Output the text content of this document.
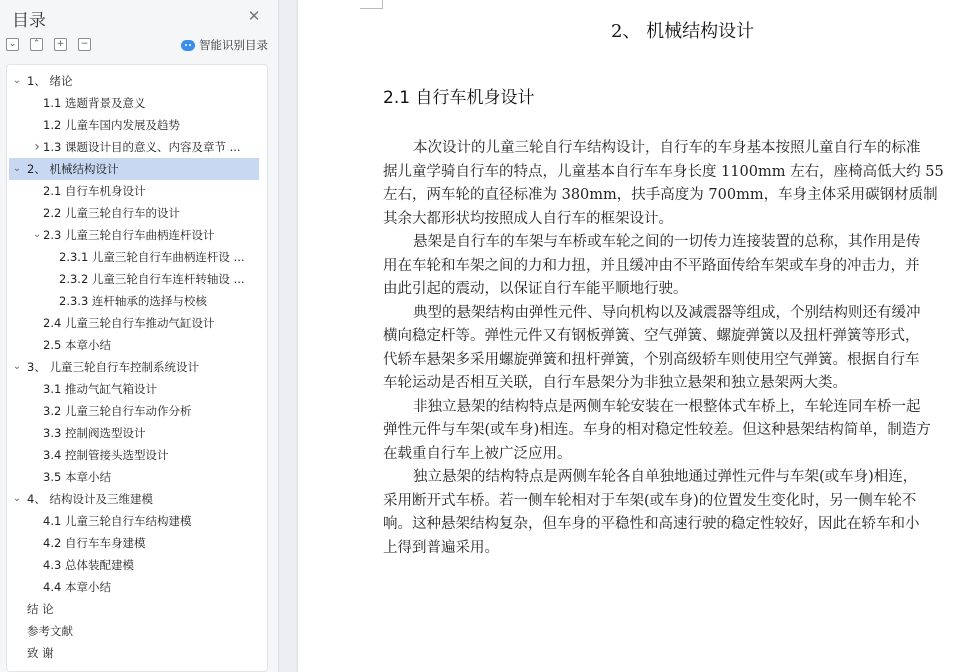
目录	✕
⌄	⌃	+	−	智能识别目录
⌄ 1、 绪论
1.1 选题背景及意义
1.2 儿童车国内发展及趋势
› 1.3 课题设计目的意义、内容及章节 ...
⌄ 2、 机械结构设计
2.1 自行车机身设计
2.2 儿童三轮自行车的设计
⌄ 2.3 儿童三轮自行车曲柄连杆设计
2.3.1 儿童三轮自行车曲柄连杆设 ...
2.3.2 儿童三轮自行车连杆转轴设 ...
2.3.3 连杆轴承的选择与校核
2.4 儿童三轮自行车推动气缸设计
2.5 本章小结
⌄ 3、 儿童三轮自行车控制系统设计
3.1 推动气缸气箱设计
3.2 儿童三轮自行车动作分析
3.3 控制阀选型设计
3.4 控制管接头选型设计
3.5 本章小结
⌄ 4、 结构设计及三维建模
4.1 儿童三轮自行车结构建模
4.2 自行车车身建模
4.3 总体装配建模
4.4 本章小结
结 论
参考文献
致 谢
2、 机械结构设计
2.1 自行车机身设计
本次设计的儿童三轮自行车结构设计，自行车的车身基本按照儿童自行车的标准
据儿童学骑自行车的特点，儿童基本自行车车身长度 1100mm 左右，座椅高低大约 55
左右，两车轮的直径标准为 380mm，扶手高度为 700mm，车身主体采用碳钢材质制
其余大都形状均按照成人自行车的框架设计。
悬架是自行车的车架与车桥或车轮之间的一切传力连接装置的总称，其作用是传
用在车轮和车架之间的力和力扭，并且缓冲由不平路面传给车架或车身的冲击力，并
由此引起的震动，以保证自行车能平顺地行驶。
典型的悬架结构由弹性元件、导向机构以及减震器等组成，个别结构则还有缓冲
横向稳定杆等。弹性元件又有钢板弹簧、空气弹簧、螺旋弹簧以及扭杆弹簧等形式，
代轿车悬架多采用螺旋弹簧和扭杆弹簧，个别高级轿车则使用空气弹簧。根据自行车
车轮运动是否相互关联，自行车悬架分为非独立悬架和独立悬架两大类。
非独立悬架的结构特点是两侧车轮安装在一根整体式车桥上，车轮连同车桥一起
弹性元件与车架(或车身)相连。车身的相对稳定性较差。但这种悬架结构简单，制造方
在载重自行车上被广泛应用。
独立悬架的结构特点是两侧车轮各自单独地通过弹性元件与车架(或车身)相连，
采用断开式车桥。若一侧车轮相对于车架(或车身)的位置发生变化时，另一侧车轮不
响。这种悬架结构复杂，但车身的平稳性和高速行驶的稳定性较好，因此在轿车和小
上得到普遍采用。
